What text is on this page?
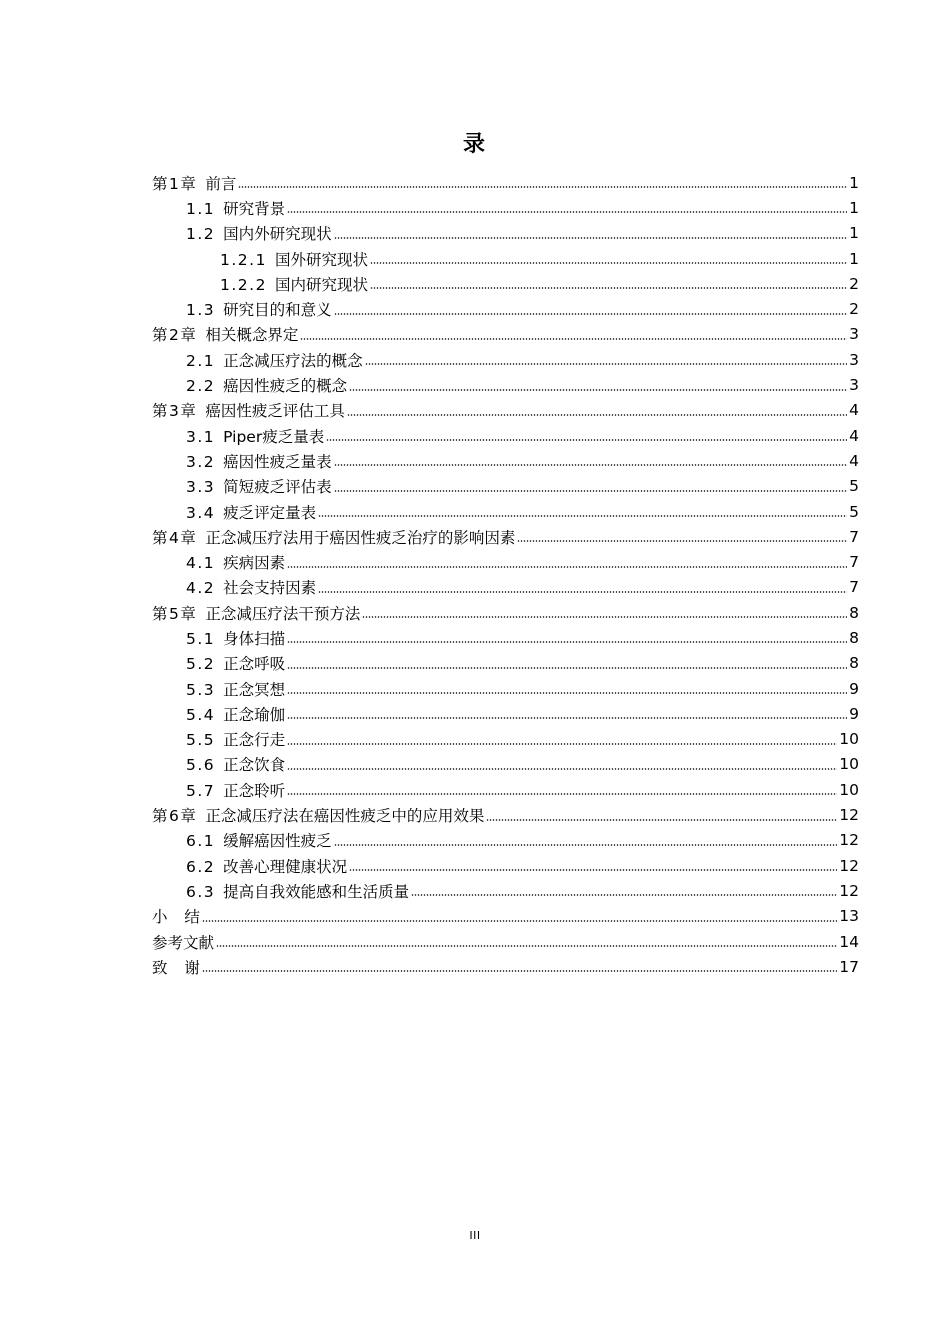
录
第1章 前言	1
1.1 研究背景	1
1.2 国内外研究现状	1
1.2.1 国外研究现状	1
1.2.2 国内研究现状	2
1.3 研究目的和意义	2
第2章 相关概念界定	3
2.1 正念减压疗法的概念	3
2.2 癌因性疲乏的概念	3
第3章 癌因性疲乏评估工具	4
3.1 Piper疲乏量表	4
3.2 癌因性疲乏量表	4
3.3 简短疲乏评估表	5
3.4 疲乏评定量表	5
第4章 正念减压疗法用于癌因性疲乏治疗的影响因素	7
4.1 疾病因素	7
4.2 社会支持因素	7
第5章 正念减压疗法干预方法	8
5.1 身体扫描	8
5.2 正念呼吸	8
5.3 正念冥想	9
5.4 正念瑜伽	9
5.5 正念行走	10
5.6 正念饮食	10
5.7 正念聆听	10
第6章 正念减压疗法在癌因性疲乏中的应用效果	12
6.1 缓解癌因性疲乏	12
6.2 改善心理健康状况	12
6.3 提高自我效能感和生活质量	12
小 结	13
参考文献	14
致 谢	17
III
